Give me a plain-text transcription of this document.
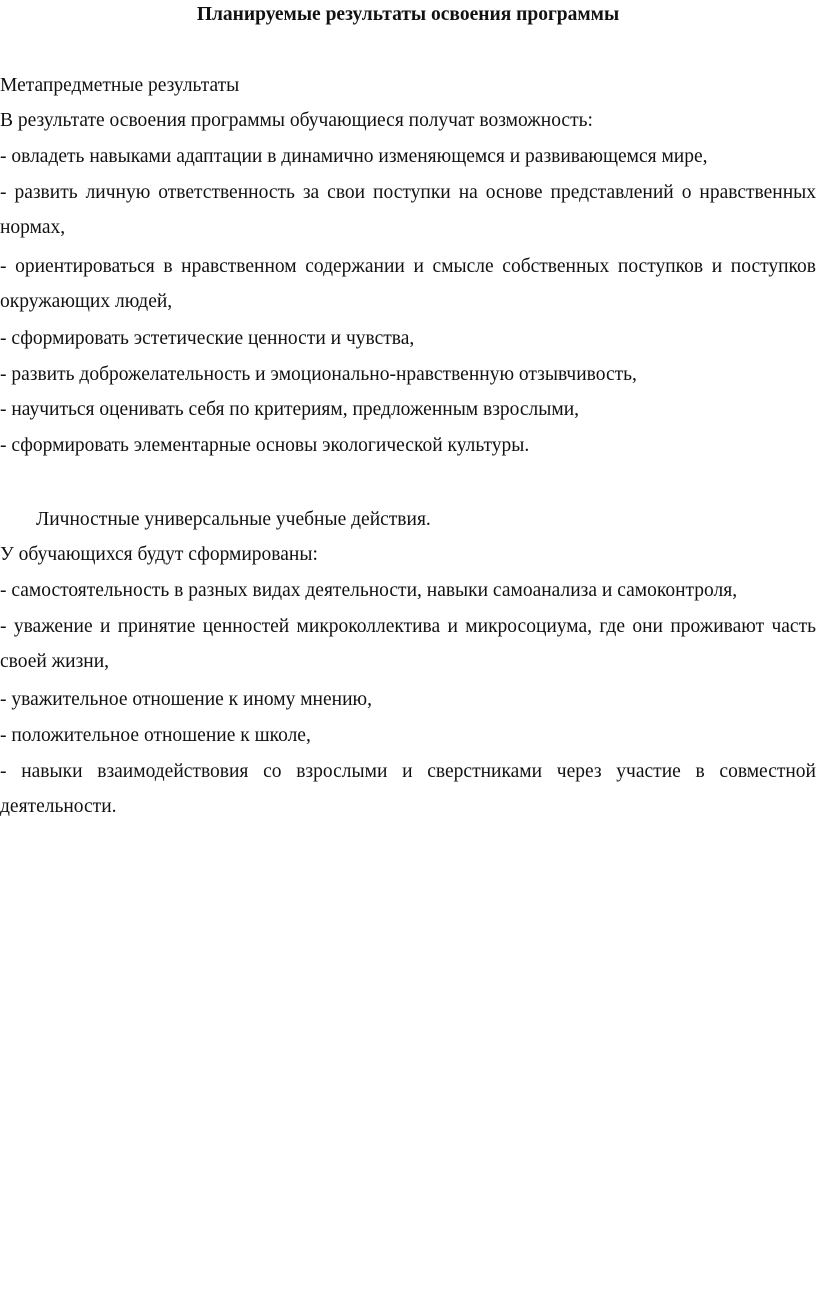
Планируемые результаты освоения программы
Метапредметные результаты
В результате освоения программы обучающиеся получат возможность:
- овладеть навыками адаптации в динамично изменяющемся и развивающемся мире,
- развить личную ответственность за свои поступки на основе представлений о нравственных нормах,
- ориентироваться в нравственном содержании и смысле собственных поступков и поступков окружающих людей,
- сформировать эстетические ценности и чувства,
- развить доброжелательность и эмоционально-нравственную отзывчивость,
- научиться оценивать себя по критериям, предложенным взрослыми,
- сформировать элементарные основы экологической культуры.
Личностные универсальные учебные действия.
У обучающихся будут сформированы:
- самостоятельность в разных видах деятельности, навыки самоанализа и самоконтроля,
- уважение и принятие ценностей микроколлектива и микросоциума, где они проживают часть своей жизни,
- уважительное отношение к иному мнению,
- положительное отношение к школе,
- навыки взаимодействовия со взрослыми и сверстниками через участие в совместной деятельности.
